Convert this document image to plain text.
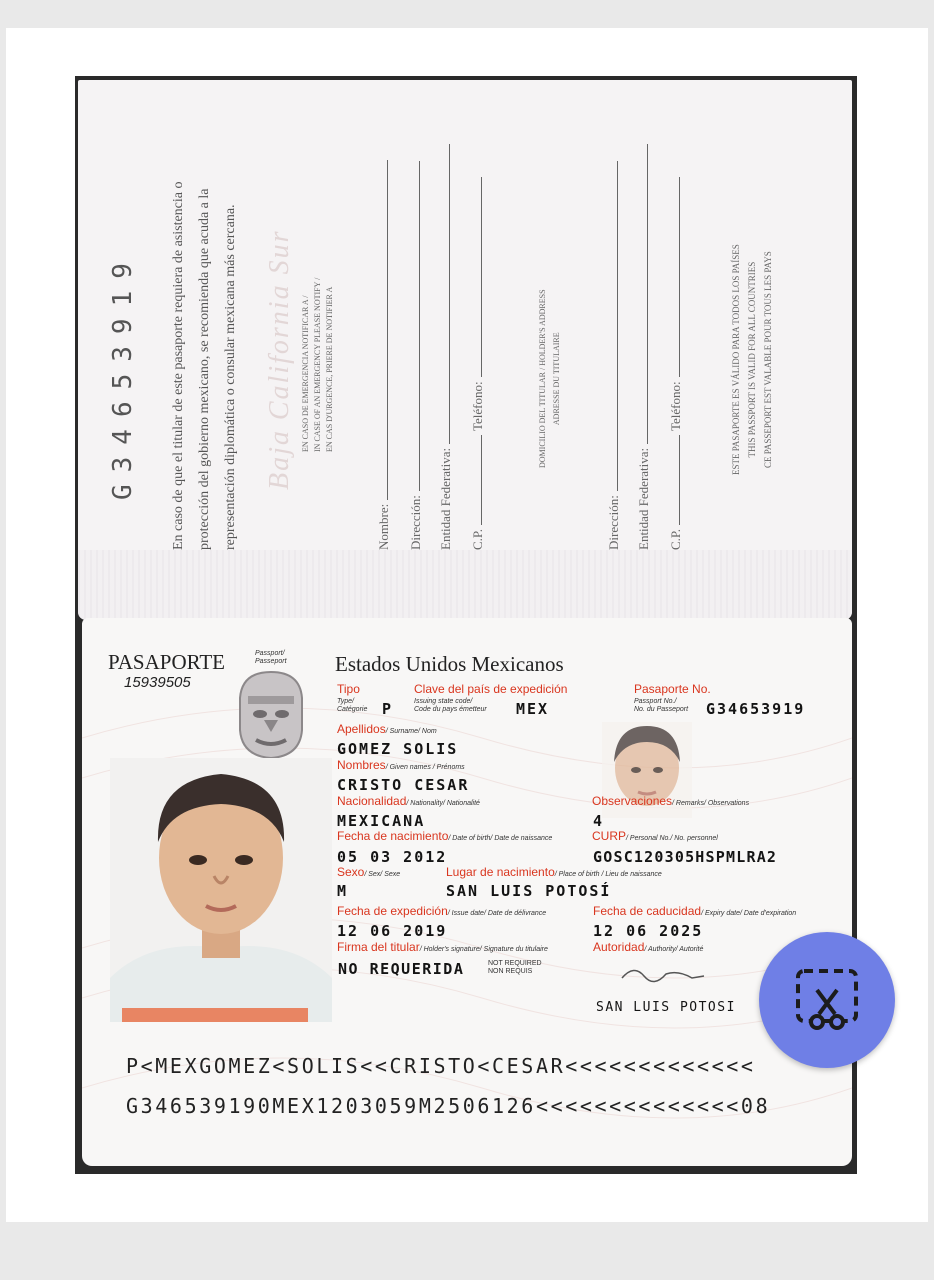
G34653919	En caso de que el titular de este pasaporte requiera de asistencia o protección del gobierno mexicano, se recomienda que acuda a la representación diplomática o consular mexicana más cercana. Baja California Sur EN CASO DE EMERGENCIA NOTIFICAR A / IN CASE OF AN EMERGENCY PLEASE NOTIFY / EN CAS D'URGENCE, PRIERE DE NOTIFIER A
Nombre: Dirección: Entidad Federativa: C.P.Teléfono:	DOMICILIO DEL TITULAR / HOLDER'S ADDRESS ADRESSE DU TITULAIRE
Dirección: Entidad Federativa: C.P.Teléfono:	ESTE PASAPORTE ES VÁLIDO PARA TODOS LOS PAÍSES THIS PASSPORT IS VALID FOR ALL COUNTRIES CE PASSEPORT EST VALABLE POUR TOUS LES PAYS
PASAPORTE	Passport/
Passeport
15939505
Estados Unidos Mexicanos
Tipo
Type/
Catégorie P
Clave del país de expedición
Issuing state code/
Code du pays émetteur MEX
Pasaporte No.
Passport No./
No. du Passeport G34653919
Apellidos/ Surname/ Nom
GOMEZ SOLIS
Nombres/ Given names / Prénoms
CRISTO CESAR
Nacionalidad/ Nationality/ Nationalité
MEXICANA
Observaciones/ Remarks/ Observations
4
Fecha de nacimiento/ Date of birth/ Date de naissance
05 03 2012
CURP/ Personal No./ No. personnel
GOSC120305HSPMLRA2
Sexo/ Sex/ Sexe
M
Lugar de nacimiento/ Place of birth / Lieu de naissance
SAN LUIS POTOSÍ
Fecha de expedición/ Issue date/ Date de délivrance
12 06 2019
Fecha de caducidad/ Expiry date/ Date d'expiration
12 06 2025
Firma del titular/ Holder's signature/ Signature du titulaire
NO REQUERIDA	NOT REQUIRED
NON REQUIS
Autoridad/ Authority/ Autorité
SAN LUIS POTOSI
P<MEXGOMEZ<SOLIS<<CRISTO<CESAR<<<<<<<<<<<<<
G346539190MEX1203059M2506126<<<<<<<<<<<<<<08
